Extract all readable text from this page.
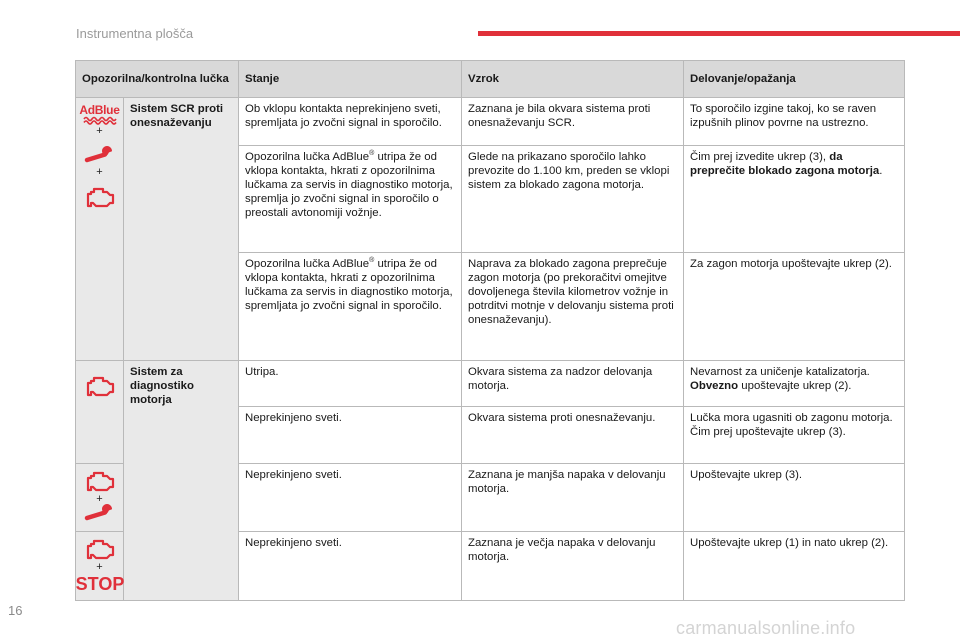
Instrumentna plošča
Opozorilna/kontrolna lučka		Stanje	Vzrok	Delovanje/opažanja

AdBlue
+
+	Sistem SCR proti onesnaževanju	Ob vklopu kontakta neprekinjeno sveti, spremljata jo zvočni signal in sporočilo.	Zaznana je bila okvara sistema proti onesnaževanju SCR.	To sporočilo izgine takoj, ko se raven izpušnih plinov povrne na ustrezno.
		Opozorilna lučka AdBlue® utripa že od vklopa kontakta, hkrati z opozorilnima lučkama za servis in diagnostiko motorja, spremlja jo zvočni signal in sporočilo o preostali avtonomiji vožnje.	Glede na prikazano sporočilo lahko prevozite do 1.100 km, preden se vklopi sistem za blokado zagona motorja.	Čim prej izvedite ukrep (3), da preprečite blokado zagona motorja.
		Opozorilna lučka AdBlue® utripa že od vklopa kontakta, hkrati z opozorilnima lučkama za servis in diagnostiko motorja, spremljata jo zvočni signal in sporočilo.	Naprava za blokado zagona preprečuje zagon motorja (po prekoračitvi omejitve dovoljenega števila kilometrov vožnje in potrditvi motnje v delovanju sistema proti onesnaževanju).	Za zagon motorja upoštevajte ukrep (2).

	Sistem za diagnostiko motorja	Utripa.	Okvara sistema za nadzor delovanja motorja.	Nevarnost za uničenje katalizatorja.
Obvezno upoštevajte ukrep (2).
		Neprekinjeno sveti.	Okvara sistema proti onesnaževanju.	Lučka mora ugasniti ob zagonu motorja.
Čim prej upoštevajte ukrep (3).

+		Neprekinjeno sveti.	Zaznana je manjša napaka v delovanju motorja.	Upoštevajte ukrep (3).

+
STOP		Neprekinjeno sveti.	Zaznana je večja napaka v delovanju motorja.	Upoštevajte ukrep (1) in nato ukrep (2).
16
carmanualsonline.info
